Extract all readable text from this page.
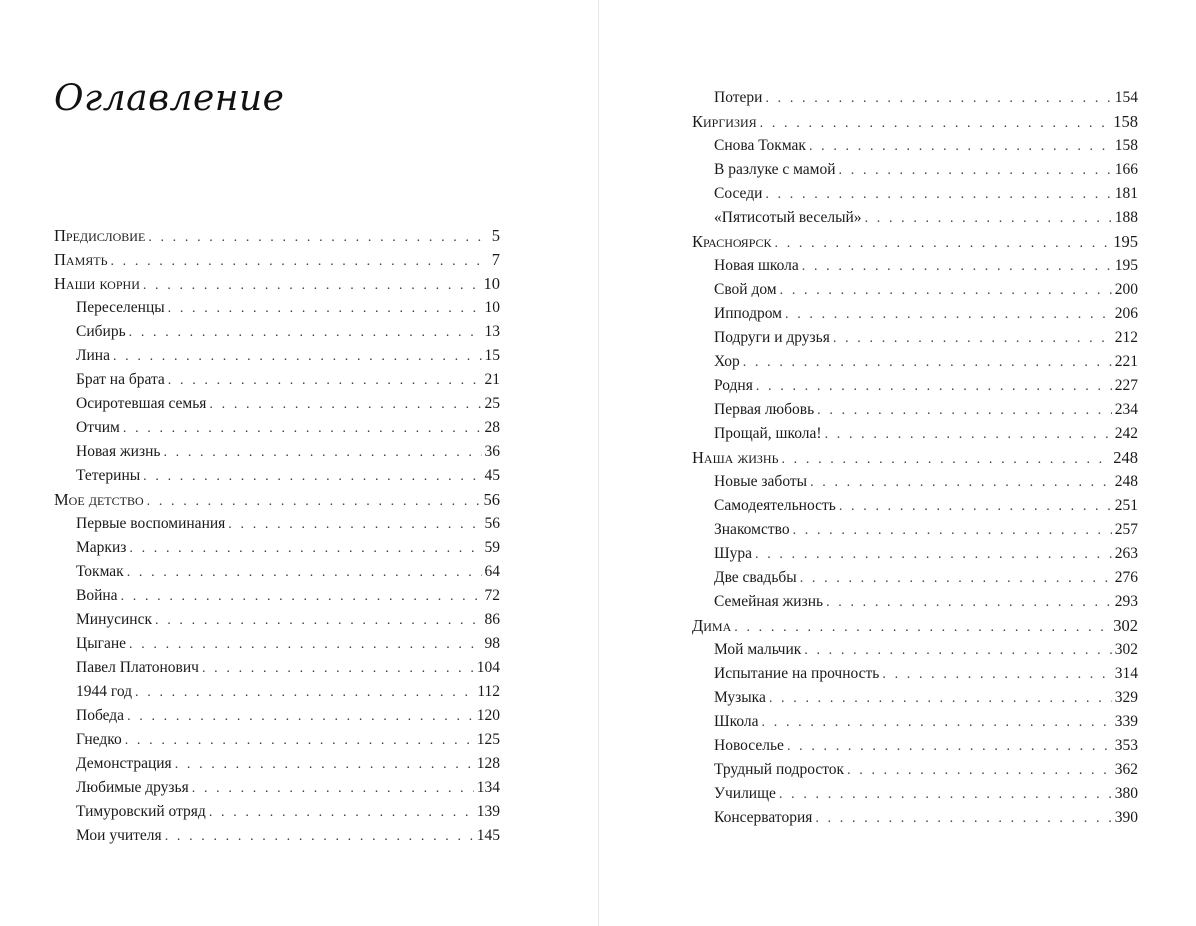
Оглавление
Предисловие . . .	5
Память . . .	7
Наши корни . . .	10
Переселенцы . . .	10
Сибирь . . .	13
Лина . . .	15
Брат на брата . . .	21
Осиротевшая семья . . .	25
Отчим . . .	28
Новая жизнь . . .	36
Тетерины . . .	45
Мое детство . . .	56
Первые воспоминания . . .	56
Маркиз . . .	59
Токмак . . .	64
Война . . .	72
Минусинск . . .	86
Цыгане . . .	98
Павел Платонович . . .	104
1944 год . . .	112
Победа . . .	120
Гнедко . . .	125
Демонстрация . . .	128
Любимые друзья . . .	134
Тимуровский отряд . . .	139
Мои учителя . . .	145
Потери . . .	154
Киргизия . . .	158
Снова Токмак . . .	158
В разлуке с мамой . . .	166
Соседи . . .	181
«Пятисотый веселый» . . .	188
Красноярск . . .	195
Новая школа . . .	195
Свой дом . . .	200
Ипподром . . .	206
Подруги и друзья . . .	212
Хор . . .	221
Родня . . .	227
Первая любовь . . .	234
Прощай, школа! . . .	242
Наша жизнь . . .	248
Новые заботы . . .	248
Самодеятельность . . .	251
Знакомство . . .	257
Шура . . .	263
Две свадьбы . . .	276
Семейная жизнь . . .	293
Дима . . .	302
Мой мальчик . . .	302
Испытание на прочность . . .	314
Музыка . . .	329
Школа . . .	339
Новоселье . . .	353
Трудный подросток . . .	362
Училище . . .	380
Консерватория . . .	390
